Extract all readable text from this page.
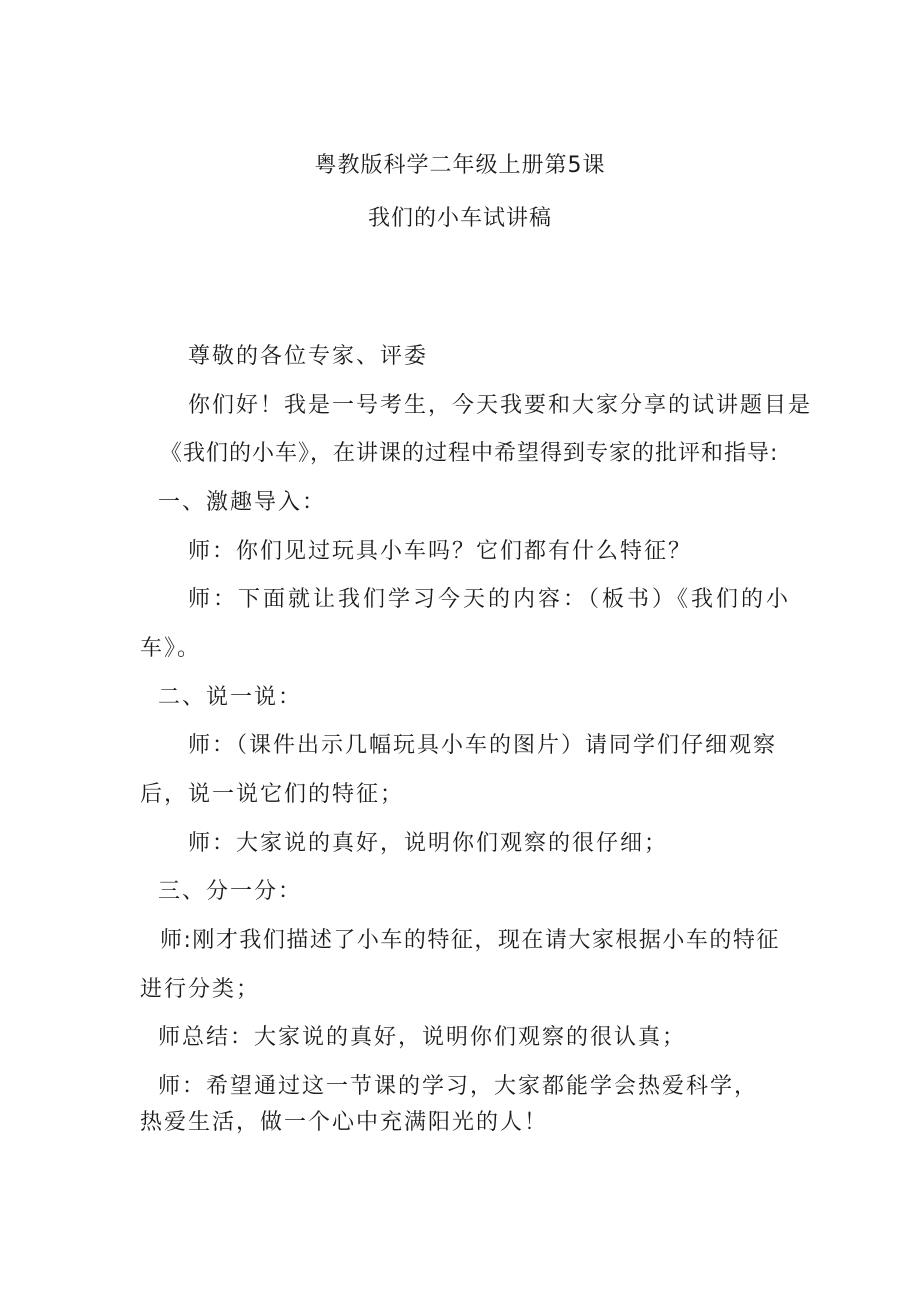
粤教版科学二年级上册第5课
我们的小车试讲稿
尊敬的各位专家、评委
你们好！我是一号考生，今天我要和大家分享的试讲题目是
《我们的小车》，在讲课的过程中希望得到专家的批评和指导:
一、激趣导入：
师：你们见过玩具小车吗？它们都有什么特征？
师：下面就让我们学习今天的内容：（板书）《我们的小
车》。
二、说一说：
师：（课件出示几幅玩具小车的图片）请同学们仔细观察
后，说一说它们的特征；
师：大家说的真好，说明你们观察的很仔细；
三、分一分：
师:刚才我们描述了小车的特征，现在请大家根据小车的特征
进行分类；
师总结：大家说的真好，说明你们观察的很认真；
师：希望通过这一节课的学习，大家都能学会热爱科学，
热爱生活，做一个心中充满阳光的人！
